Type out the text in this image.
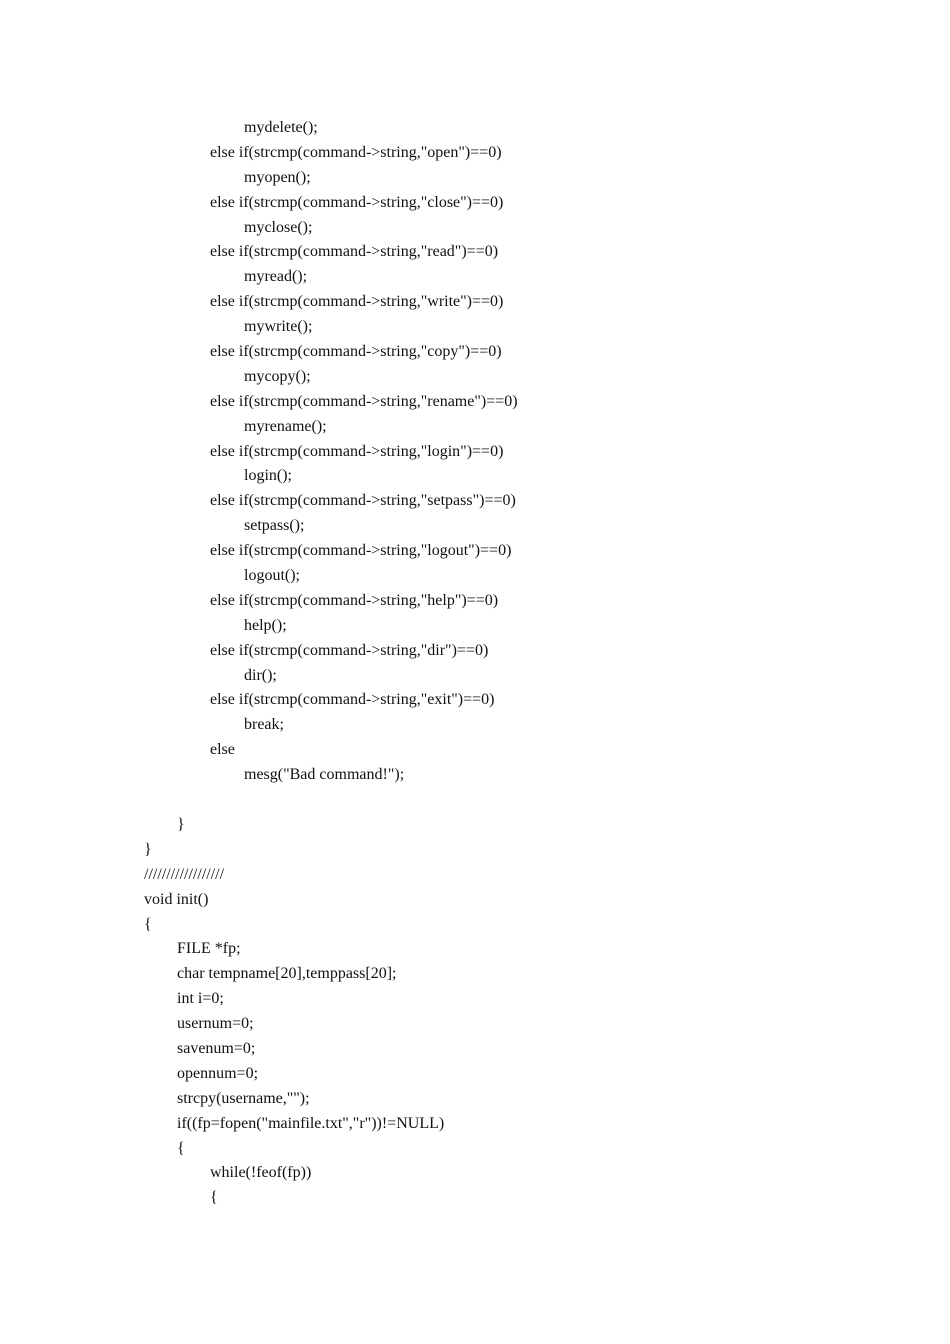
mydelete();
else if(strcmp(command->string,"open")==0)
myopen();
else if(strcmp(command->string,"close")==0)
myclose();
else if(strcmp(command->string,"read")==0)
myread();
else if(strcmp(command->string,"write")==0)
mywrite();
else if(strcmp(command->string,"copy")==0)
mycopy();
else if(strcmp(command->string,"rename")==0)
myrename();
else if(strcmp(command->string,"login")==0)
login();
else if(strcmp(command->string,"setpass")==0)
setpass();
else if(strcmp(command->string,"logout")==0)
logout();
else if(strcmp(command->string,"help")==0)
help();
else if(strcmp(command->string,"dir")==0)
dir();
else if(strcmp(command->string,"exit")==0)
break;
else
mesg("Bad command!");
}
}
//////////////////
void init()
{
FILE *fp;
char tempname[20],temppass[20];
int i=0;
usernum=0;
savenum=0;
opennum=0;
strcpy(username,"");
if((fp=fopen("mainfile.txt","r"))!=NULL)
{
while(!feof(fp))
{
